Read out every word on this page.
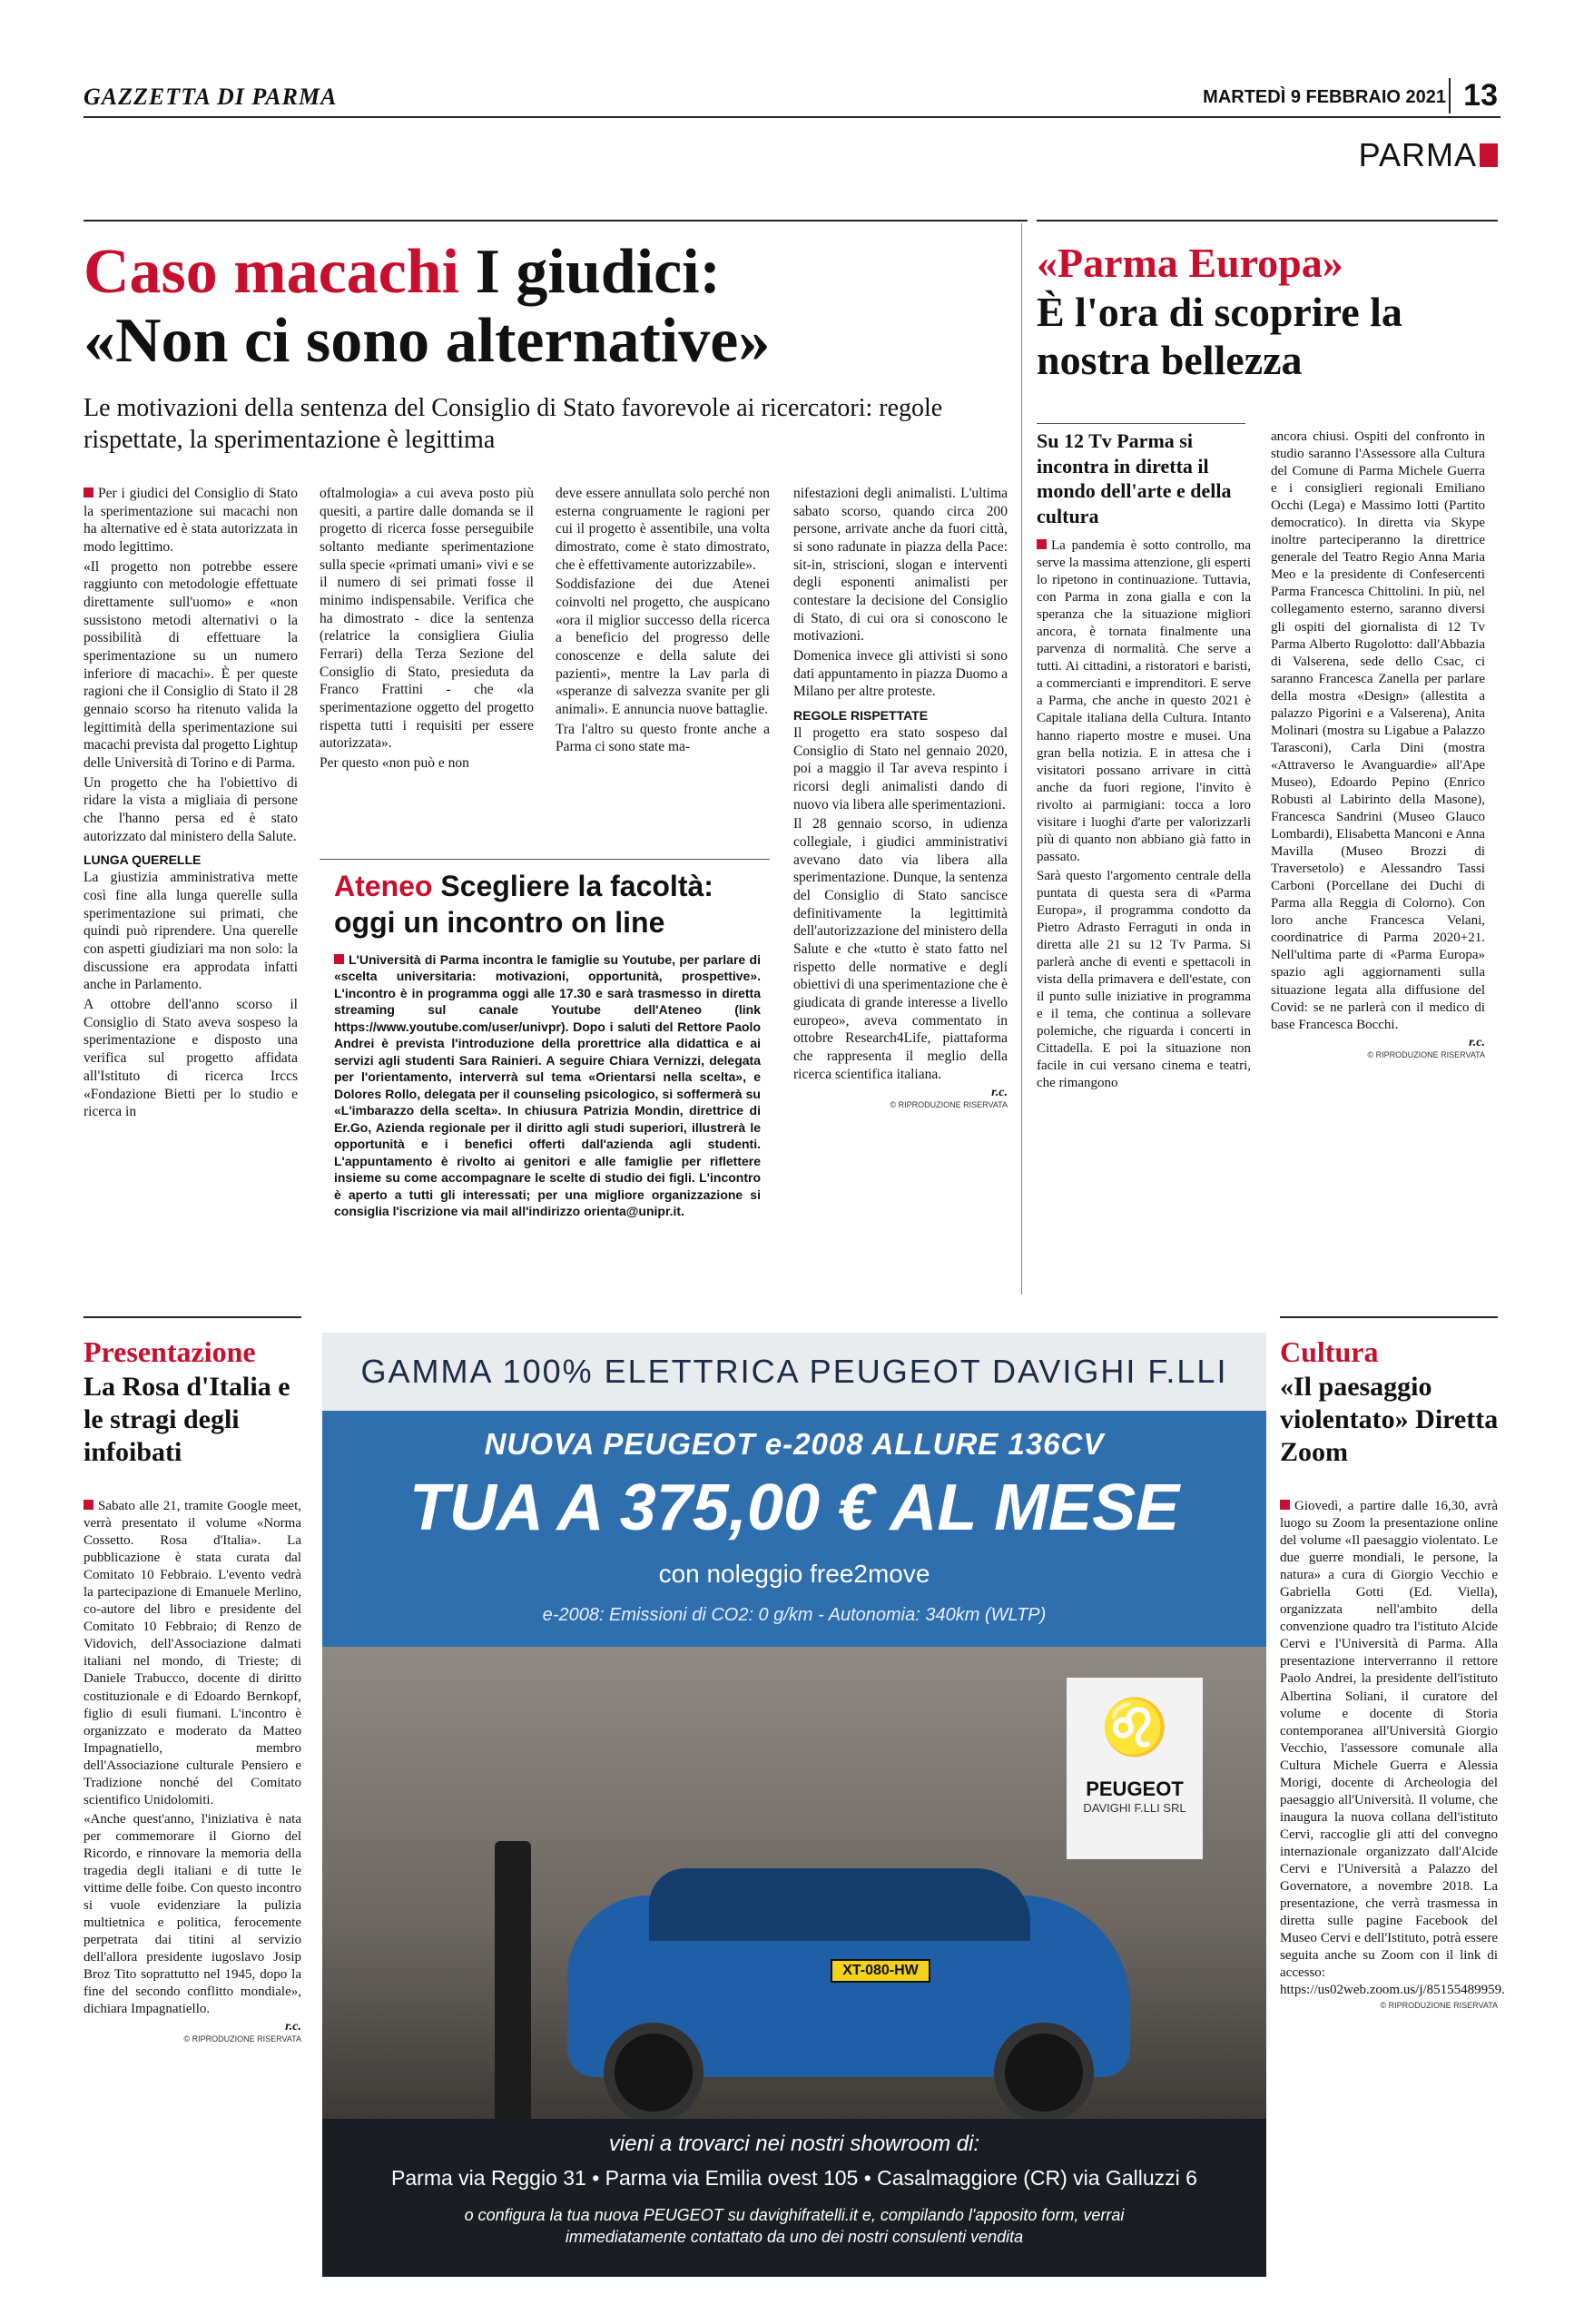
GAZZETTA DI PARMA	MARTEDÌ 9 FEBBRAIO 2021 13
PARMA
Caso macachi I giudici:
«Non ci sono alternative»
Le motivazioni della sentenza del Consiglio di Stato favorevole ai ricercatori: regole rispettate, la sperimentazione è legittima

Per i giudici del Consiglio di Stato la sperimentazione sui macachi non ha alternative ed è stata autorizzata in modo legittimo.

«Il progetto non potrebbe essere raggiunto con metodologie effettuate direttamente sull'uomo» e «non sussistono metodi alternativi o la possibilità di effettuare la sperimentazione su un numero inferiore di macachi». È per queste ragioni che il Consiglio di Stato il 28 gennaio scorso ha ritenuto valida la legittimità della sperimentazione sui macachi prevista dal progetto Lightup delle Università di Torino e di Parma.

Un progetto che ha l'obiettivo di ridare la vista a migliaia di persone che l'hanno persa ed è stato autorizzato dal ministero della Salute.

LUNGA QUERELLE

La giustizia amministrativa mette così fine alla lunga querelle sulla sperimentazione sui primati, che quindi può riprendere. Una querelle con aspetti giudiziari ma non solo: la discussione era approdata infatti anche in Parlamento.

A ottobre dell'anno scorso il Consiglio di Stato aveva sospeso la sperimentazione e disposto una verifica sul progetto affidata all'Istituto di ricerca Irccs «Fondazione Bietti per lo studio e ricerca in

oftalmologia» a cui aveva posto più quesiti, a partire dalle domanda se il progetto di ricerca fosse perseguibile soltanto mediante sperimentazione sulla specie «primati umani» vivi e se il numero di sei primati fosse il minimo indispensabile. Verifica che ha dimostrato - dice la sentenza (relatrice la consigliera Giulia Ferrari) della Terza Sezione del Consiglio di Stato, presieduta da Franco Frattini - che «la sperimentazione oggetto del progetto rispetta tutti i requisiti per essere autorizzata».

Per questo «non può e non

deve essere annullata solo perché non esterna congruamente le ragioni per cui il progetto è assentibile, una volta dimostrato, come è stato dimostrato, che è effettivamente autorizzabile».

Soddisfazione dei due Atenei coinvolti nel progetto, che auspicano «ora il miglior successo della ricerca a beneficio del progresso delle conoscenze e della salute dei pazienti», mentre la Lav parla di «speranze di salvezza svanite per gli animali». E annuncia nuove battaglie.

Tra l'altro su questo fronte anche a Parma ci sono state ma-

nifestazioni degli animalisti. L'ultima sabato scorso, quando circa 200 persone, arrivate anche da fuori città, si sono radunate in piazza della Pace: sit-in, striscioni, slogan e interventi degli esponenti animalisti per contestare la decisione del Consiglio di Stato, di cui ora si conoscono le motivazioni.

Domenica invece gli attivisti si sono dati appuntamento in piazza Duomo a Milano per altre proteste.

REGOLE RISPETTATE

Il progetto era stato sospeso dal Consiglio di Stato nel gennaio 2020, poi a maggio il Tar aveva respinto i ricorsi degli animalisti dando di nuovo via libera alle sperimentazioni.

Il 28 gennaio scorso, in udienza collegiale, i giudici amministrativi avevano dato via libera alla sperimentazione. Dunque, la sentenza del Consiglio di Stato sancisce definitivamente la legittimità dell'autorizzazione del ministero della Salute e che «tutto è stato fatto nel rispetto delle normative e degli obiettivi di una sperimentazione che è giudicata di grande interesse a livello europeo», aveva commentato in ottobre Research4Life, piattaforma che rappresenta il meglio della ricerca scientifica italiana.

r.c.
© RIPRODUZIONE RISERVATA
Ateneo Scegliere la facoltà:
oggi un incontro on line
L'Università di Parma incontra le famiglie su Youtube, per parlare di «scelta universitaria: motivazioni, opportunità, prospettive». L'incontro è in programma oggi alle 17.30 e sarà trasmesso in diretta streaming sul canale Youtube dell'Ateneo (link https://www.youtube.com/user/univpr). Dopo i saluti del Rettore Paolo Andrei è prevista l'introduzione della prorettrice alla didattica e ai servizi agli studenti Sara Rainieri. A seguire Chiara Vernizzi, delegata per l'orientamento, interverrà sul tema «Orientarsi nella scelta», e Dolores Rollo, delegata per il counseling psicologico, si soffermerà su «L'imbarazzo della scelta». In chiusura Patrizia Mondin, direttrice di Er.Go, Azienda regionale per il diritto agli studi superiori, illustrerà le opportunità e i benefici offerti dall'azienda agli studenti. L'appuntamento è rivolto ai genitori e alle famiglie per riflettere insieme su come accompagnare le scelte di studio dei figli. L'incontro è aperto a tutti gli interessati; per una migliore organizzazione si consiglia l'iscrizione via mail all'indirizzo orienta@unipr.it.
«Parma Europa»
È l'ora di scoprire la nostra bellezza
Su 12 Tv Parma si incontra in diretta il mondo dell'arte e della cultura

La pandemia è sotto controllo, ma serve la massima attenzione, gli esperti lo ripetono in continuazione. Tuttavia, con Parma in zona gialla e con la speranza che la situazione migliori ancora, è tornata finalmente una parvenza di normalità. Che serve a tutti. Ai cittadini, a ristoratori e baristi, a commercianti e imprenditori. E serve a Parma, che anche in questo 2021 è Capitale italiana della Cultura. Intanto hanno riaperto mostre e musei. Una gran bella notizia. E in attesa che i visitatori possano arrivare in città anche da fuori regione, l'invito è rivolto ai parmigiani: tocca a loro visitare i luoghi d'arte per valorizzarli più di quanto non abbiano già fatto in passato.

Sarà questo l'argomento centrale della puntata di questa sera di «Parma Europa», il programma condotto da Pietro Adrasto Ferraguti in onda in diretta alle 21 su 12 Tv Parma. Si parlerà anche di eventi e spettacoli in vista della primavera e dell'estate, con il punto sulle iniziative in programma e il tema, che continua a sollevare polemiche, che riguarda i concerti in Cittadella. E poi la situazione non facile in cui versano cinema e teatri, che rimangono

ancora chiusi. Ospiti del confronto in studio saranno l'Assessore alla Cultura del Comune di Parma Michele Guerra e i consiglieri regionali Emiliano Occhi (Lega) e Massimo Iotti (Partito democratico). In diretta via Skype inoltre parteciperanno la direttrice generale del Teatro Regio Anna Maria Meo e la presidente di Confesercenti Parma Francesca Chittolini. In più, nel collegamento esterno, saranno diversi gli ospiti del giornalista di 12 Tv Parma Alberto Rugolotto: dall'Abbazia di Valserena, sede dello Csac, ci saranno Francesca Zanella per parlare della mostra «Design» (allestita a palazzo Pigorini e a Valserena), Anita Molinari (mostra su Ligabue a Palazzo Tarasconi), Carla Dini (mostra «Attraverso le Avanguardie» all'Ape Museo), Edoardo Pepino (Enrico Robusti al Labirinto della Masone), Francesca Sandrini (Museo Glauco Lombardi), Elisabetta Manconi e Anna Mavilla (Museo Brozzi di Traversetolo) e Alessandro Tassi Carboni (Porcellane dei Duchi di Parma alla Reggia di Colorno). Con loro anche Francesca Velani, coordinatrice di Parma 2020+21. Nell'ultima parte di «Parma Europa» spazio agli aggiornamenti sulla situazione legata alla diffusione del Covid: se ne parlerà con il medico di base Francesca Bocchi.

r.c.
© RIPRODUZIONE RISERVATA
Presentazione
La Rosa d'Italia e le stragi degli infoibati

Sabato alle 21, tramite Google meet, verrà presentato il volume «Norma Cossetto. Rosa d'Italia». La pubblicazione è stata curata dal Comitato 10 Febbraio. L'evento vedrà la partecipazione di Emanuele Merlino, co-autore del libro e presidente del Comitato 10 Febbraio; di Renzo de Vidovich, dell'Associazione dalmati italiani nel mondo, di Trieste; di Daniele Trabucco, docente di diritto costituzionale e di Edoardo Bernkopf, figlio di esuli fiumani. L'incontro è organizzato e moderato da Matteo Impagnatiello, membro dell'Associazione culturale Pensiero e Tradizione nonché del Comitato scientifico Unidolomiti.

«Anche quest'anno, l'iniziativa è nata per commemorare il Giorno del Ricordo, e rinnovare la memoria della tragedia degli italiani e di tutte le vittime delle foibe. Con questo incontro si vuole evidenziare la pulizia multietnica e politica, ferocemente perpetrata dai titini al servizio dell'allora presidente iugoslavo Josip Broz Tito soprattutto nel 1945, dopo la fine del secondo conflitto mondiale», dichiara Impagnatiello.

r.c.
© RIPRODUZIONE RISERVATA
Cultura
«Il paesaggio violentato» Diretta Zoom

Giovedì, a partire dalle 16,30, avrà luogo su Zoom la presentazione online del volume «Il paesaggio violentato. Le due guerre mondiali, le persone, la natura» a cura di Giorgio Vecchio e Gabriella Gotti (Ed. Viella), organizzata nell'ambito della convenzione quadro tra l'istituto Alcide Cervi e l'Università di Parma. Alla presentazione interverranno il rettore Paolo Andrei, la presidente dell'istituto Albertina Soliani, il curatore del volume e docente di Storia contemporanea all'Università Giorgio Vecchio, l'assessore comunale alla Cultura Michele Guerra e Alessia Morigi, docente di Archeologia del paesaggio all'Università. Il volume, che inaugura la nuova collana dell'istituto Cervi, raccoglie gli atti del convegno internazionale organizzato dall'Alcide Cervi e l'Università a Palazzo del Governatore, a novembre 2018. La presentazione, che verrà trasmessa in diretta sulle pagine Facebook del Museo Cervi e dell'Istituto, potrà essere seguita anche su Zoom con il link di accesso: https://us02web.zoom.us/j/85155489959.

© RIPRODUZIONE RISERVATA
GAMMA 100% ELETTRICA PEUGEOT DAVIGHI F.LLI
NUOVA PEUGEOT e-2008 ALLURE 136CV
TUA A 375,00 € AL MESE
con noleggio free2move
e-2008: Emissioni di CO2: 0 g/km - Autonomia: 340km (WLTP)
♌
PEUGEOT
DAVIGHI F.LLI SRL
XT-080-HW
vieni a trovarci nei nostri showroom di:
Parma via Reggio 31 • Parma via Emilia ovest 105 • Casalmaggiore (CR) via Galluzzi 6
o configura la tua nuova PEUGEOT su davighifratelli.it e, compilando l'apposito form, verrai immediatamente contattato da uno dei nostri consulenti vendita
